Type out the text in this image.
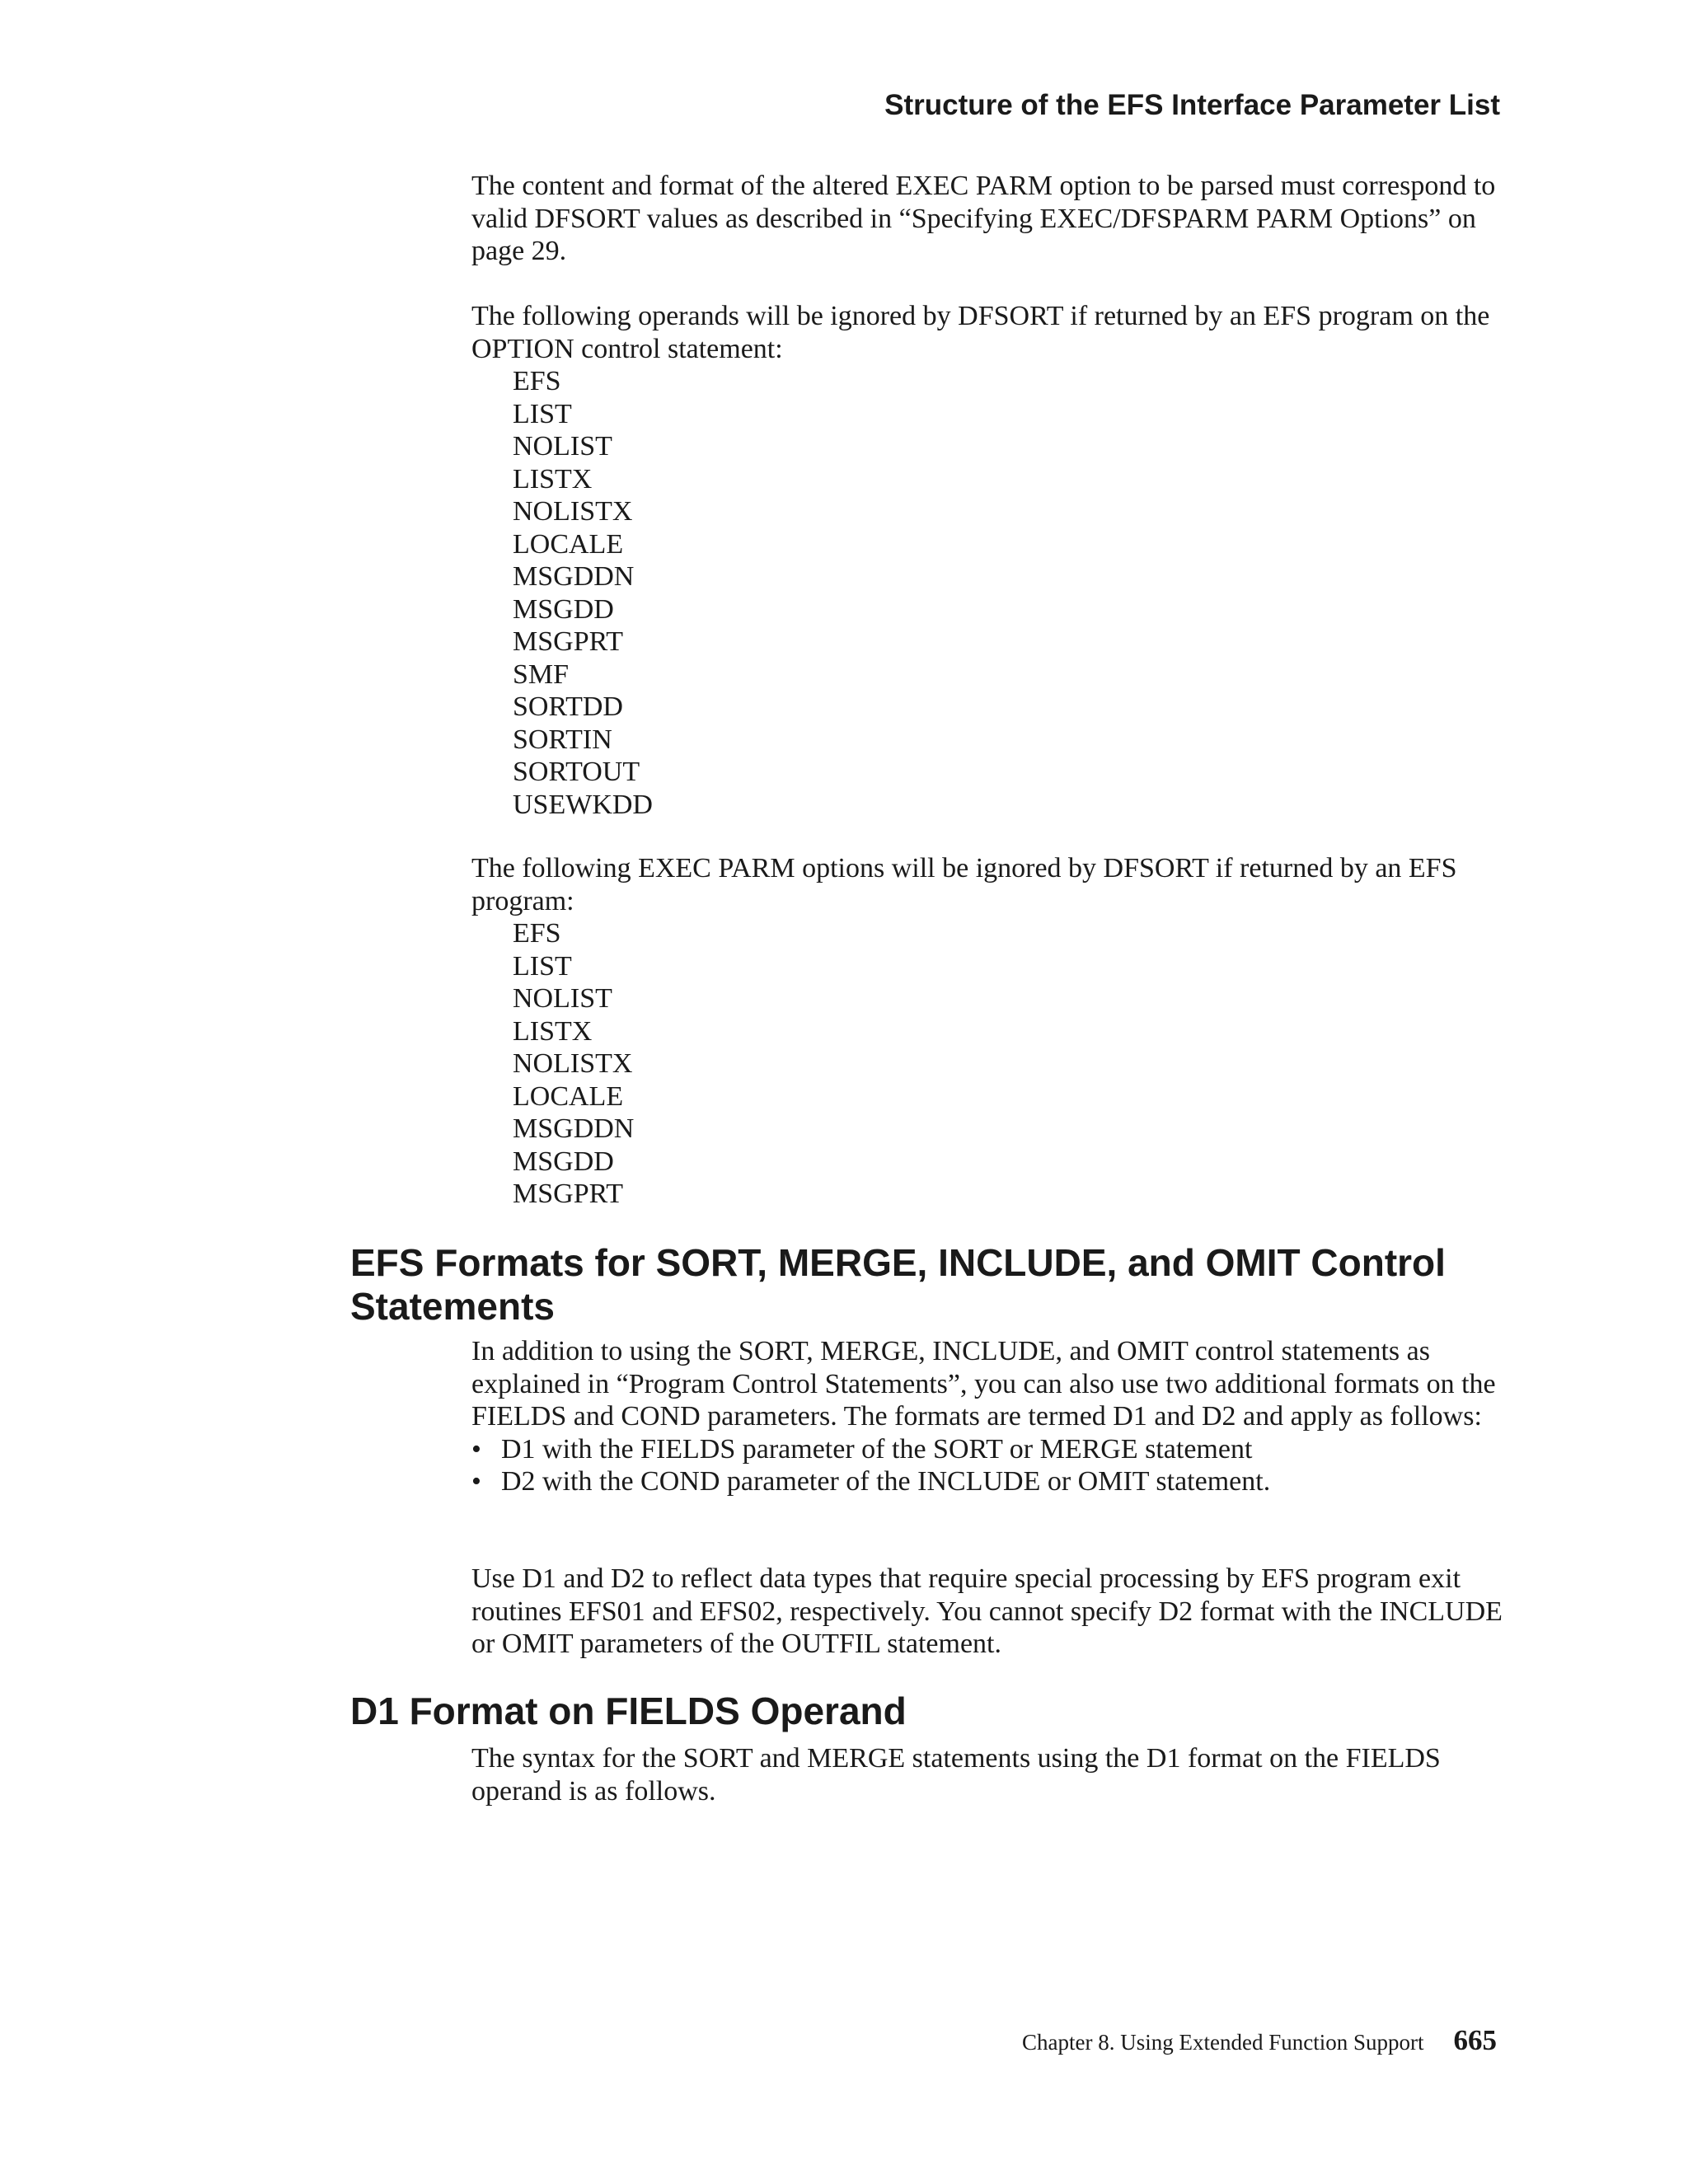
Structure of the EFS Interface Parameter List

The content and format of the altered EXEC PARM option to be parsed must correspond to valid DFSORT values as described in “Specifying EXEC/DFSPARM PARM Options” on page 29.

The following operands will be ignored by DFSORT if returned by an EFS program on the OPTION control statement:

EFS
LIST
NOLIST
LISTX
NOLISTX
LOCALE
MSGDDN
MSGDD
MSGPRT
SMF
SORTDD
SORTIN
SORTOUT
USEWKDD

The following EXEC PARM options will be ignored by DFSORT if returned by an EFS program:

EFS
LIST
NOLIST
LISTX
NOLISTX
LOCALE
MSGDDN
MSGDD
MSGPRT
EFS Formats for SORT, MERGE, INCLUDE, and OMIT Control
Statements

In addition to using the SORT, MERGE, INCLUDE, and OMIT control statements as explained in “Program Control Statements”, you can also use two additional formats on the FIELDS and COND parameters. The formats are termed D1 and D2 and apply as follows:

• D1 with the FIELDS parameter of the SORT or MERGE statement
• D2 with the COND parameter of the INCLUDE or OMIT statement.

Use D1 and D2 to reflect data types that require special processing by EFS program exit routines EFS01 and EFS02, respectively. You cannot specify D2 format with the INCLUDE or OMIT parameters of the OUTFIL statement.

D1 Format on FIELDS Operand

The syntax for the SORT and MERGE statements using the D1 format on the FIELDS operand is as follows.

Chapter 8. Using Extended Function Support 665
